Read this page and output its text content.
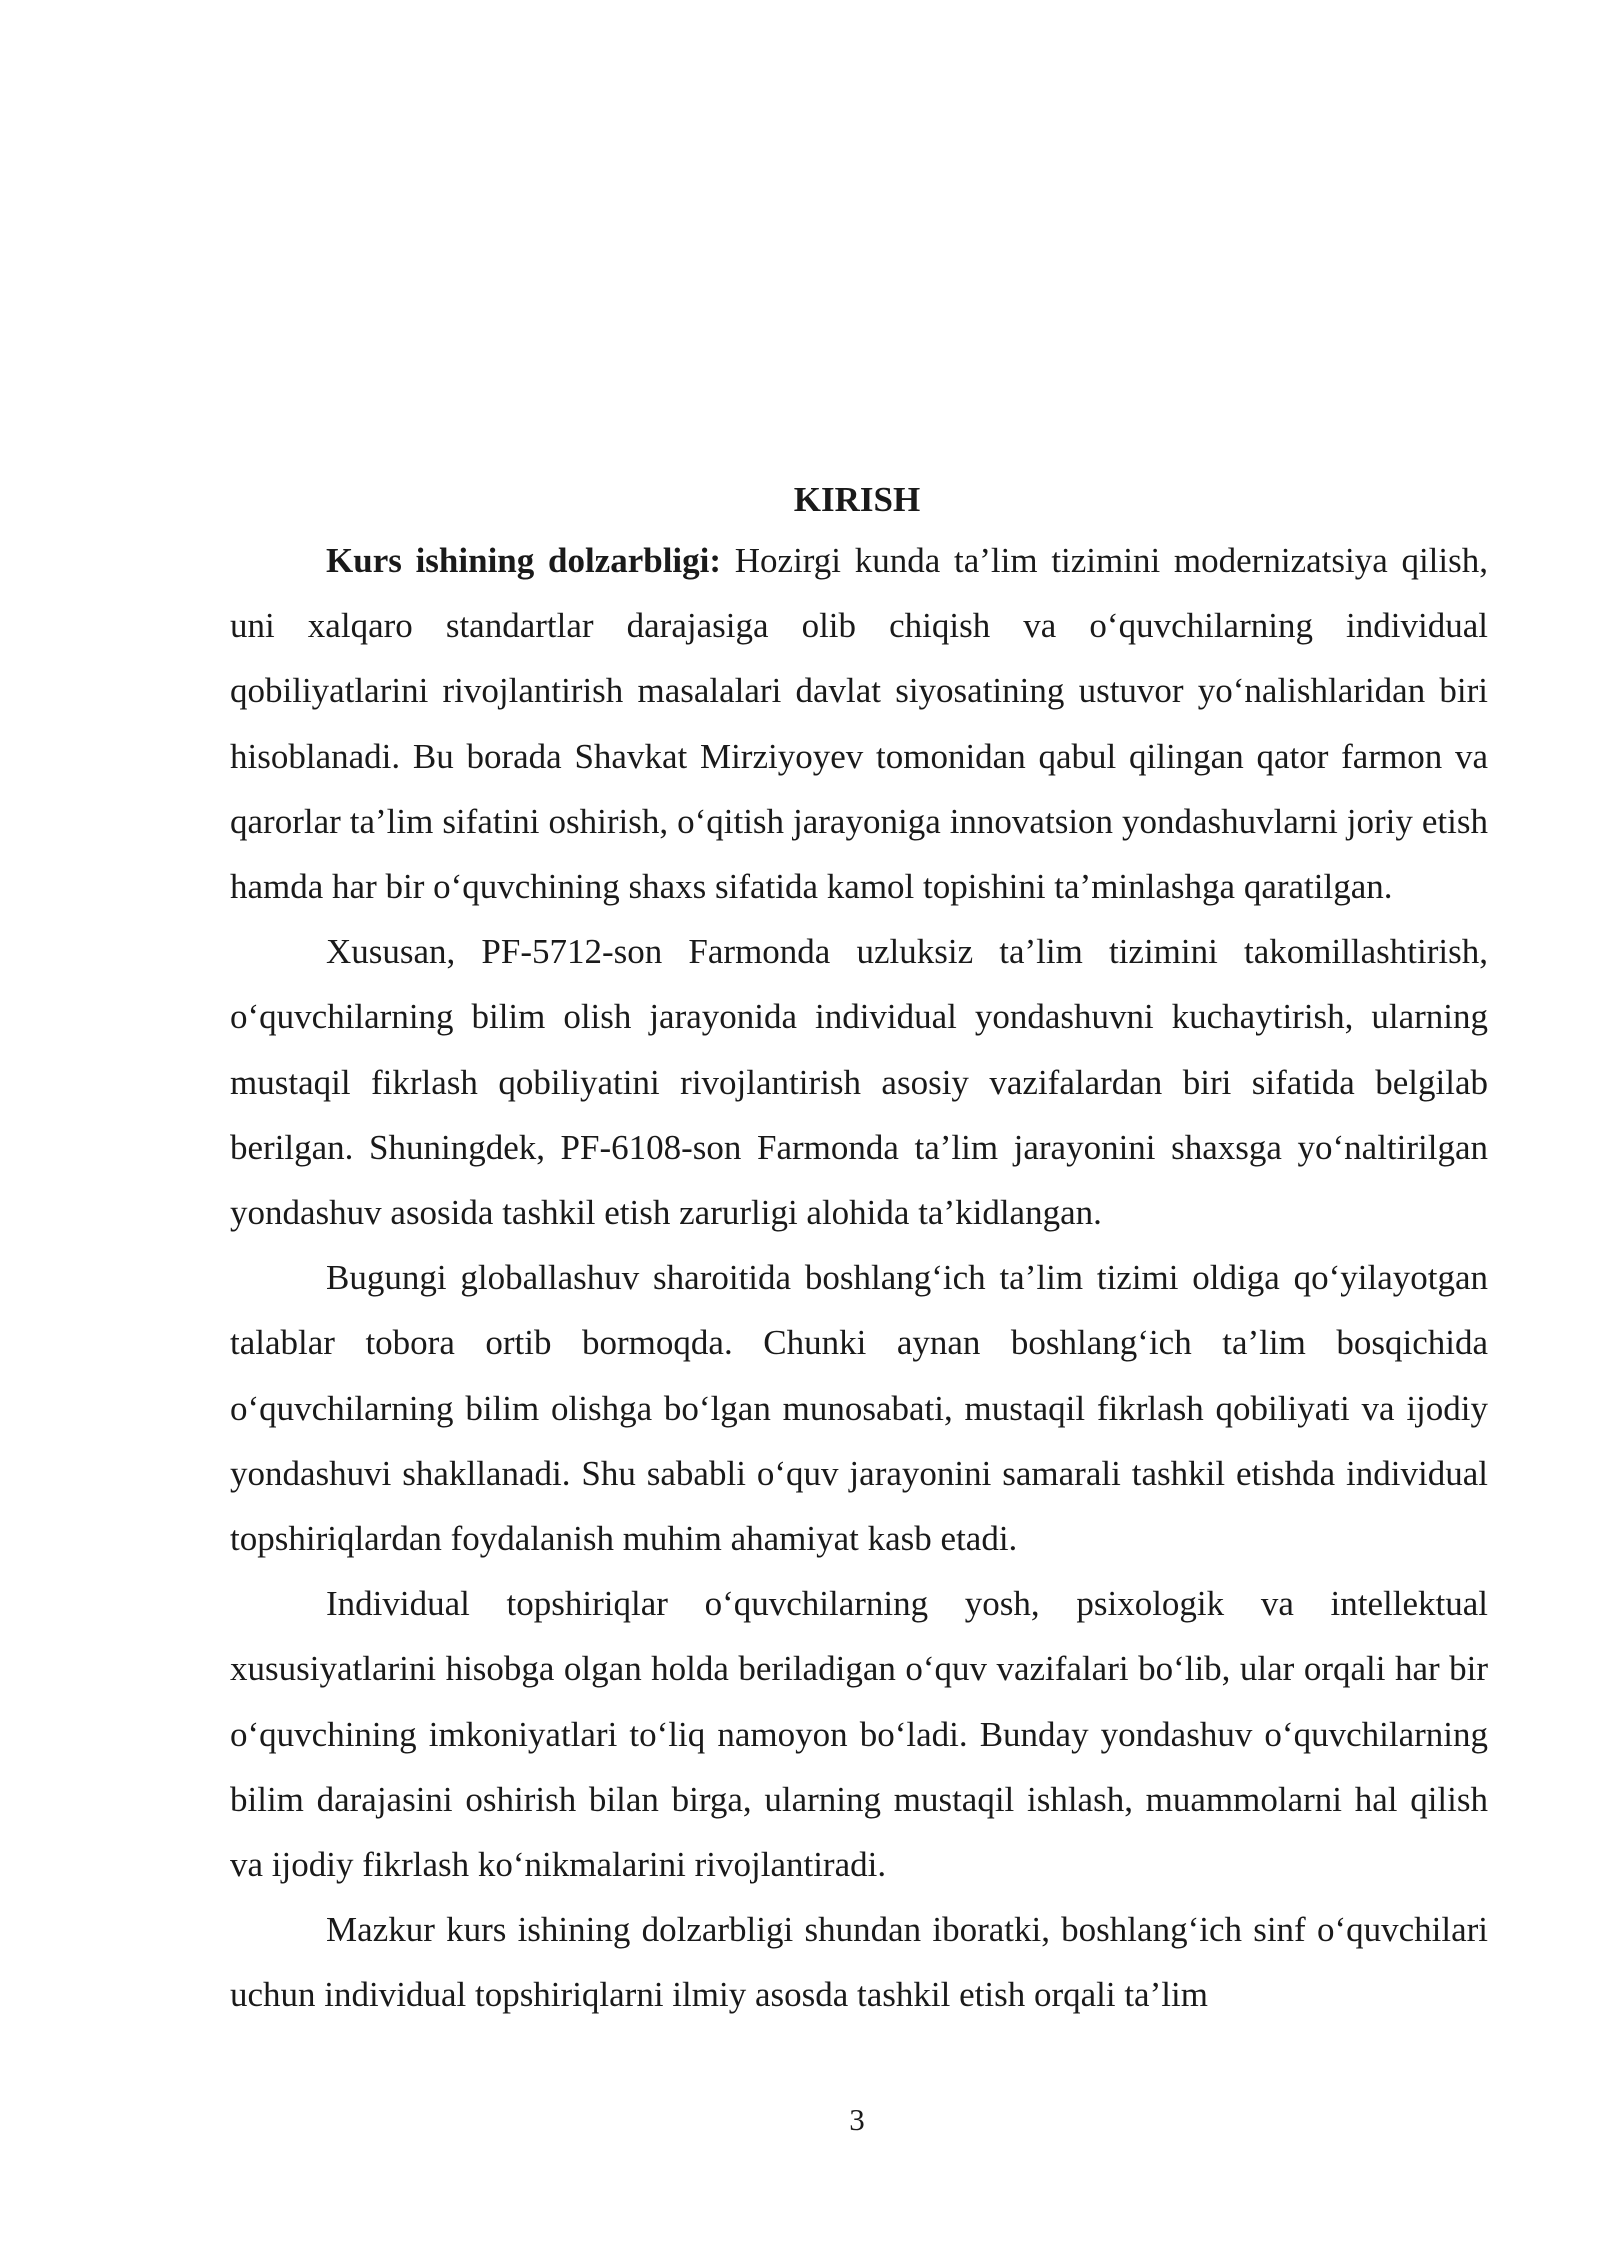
KIRISH

Kurs ishining dolzarbligi: Hozirgi kunda ta’lim tizimini modernizatsiya qilish, uni xalqaro standartlar darajasiga olib chiqish va o‘quvchilarning individual qobiliyatlarini rivojlantirish masalalari davlat siyosatining ustuvor yo‘nalishlaridan biri hisoblanadi. Bu borada Shavkat Mirziyoyev tomonidan qabul qilingan qator farmon va qarorlar ta’lim sifatini oshirish, o‘qitish jarayoniga innovatsion yondashuvlarni joriy etish hamda har bir o‘quvchining shaxs sifatida kamol topishini ta’minlashga qaratilgan.

Xususan, PF-5712-son Farmonda uzluksiz ta’lim tizimini takomillashtirish, o‘quvchilarning bilim olish jarayonida individual yondashuvni kuchaytirish, ularning mustaqil fikrlash qobiliyatini rivojlantirish asosiy vazifalardan biri sifatida belgilab berilgan. Shuningdek, PF-6108-son Farmonda ta’lim jarayonini shaxsga yo‘naltirilgan yondashuv asosida tashkil etish zarurligi alohida ta’kidlangan.

Bugungi globallashuv sharoitida boshlang‘ich ta’lim tizimi oldiga qo‘yilayotgan talablar tobora ortib bormoqda. Chunki aynan boshlang‘ich ta’lim bosqichida o‘quvchilarning bilim olishga bo‘lgan munosabati, mustaqil fikrlash qobiliyati va ijodiy yondashuvi shakllanadi. Shu sababli o‘quv jarayonini samarali tashkil etishda individual topshiriqlardan foydalanish muhim ahamiyat kasb etadi.

Individual topshiriqlar o‘quvchilarning yosh, psixologik va intellektual xususiyatlarini hisobga olgan holda beriladigan o‘quv vazifalari bo‘lib, ular orqali har bir o‘quvchining imkoniyatlari to‘liq namoyon bo‘ladi. Bunday yondashuv o‘quvchilarning bilim darajasini oshirish bilan birga, ularning mustaqil ishlash, muammolarni hal qilish va ijodiy fikrlash ko‘nikmalarini rivojlantiradi.

Mazkur kurs ishining dolzarbligi shundan iboratki, boshlang‘ich sinf o‘quvchilari uchun individual topshiriqlarni ilmiy asosda tashkil etish orqali ta’lim

3
